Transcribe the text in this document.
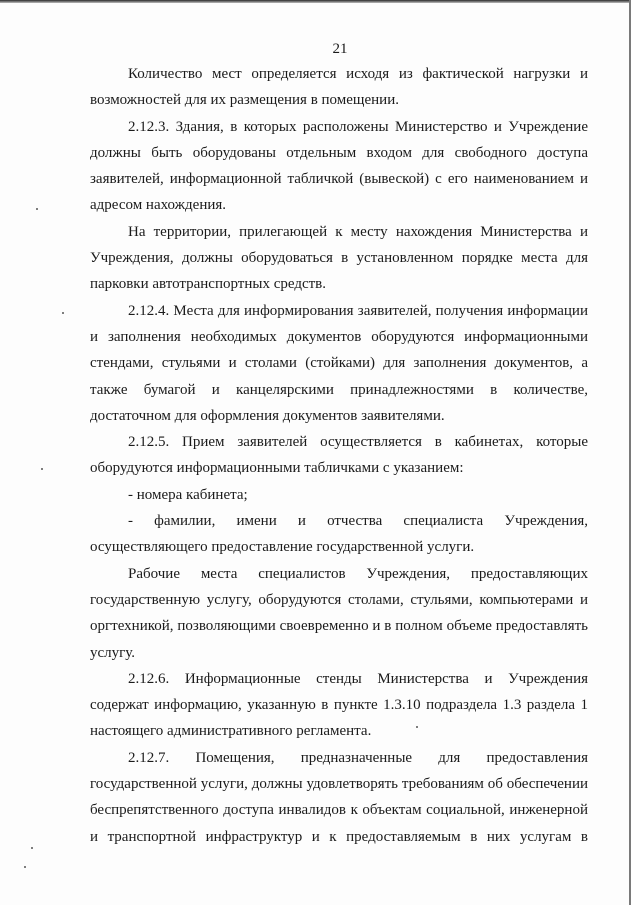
21

Количество мест определяется исходя из фактической нагрузки и возможностей для их размещения в помещении.

2.12.3. Здания, в которых расположены Министерство и Учреждение должны быть оборудованы отдельным входом для свободного доступа заявителей, информационной табличкой (вывеской) с его наименованием и адресом нахождения.

На территории, прилегающей к месту нахождения Министерства и Учреждения, должны оборудоваться в установленном порядке места для парковки автотранспортных средств.

2.12.4. Места для информирования заявителей, получения информации и заполнения необходимых документов оборудуются информационными стендами, стульями и столами (стойками) для заполнения документов, а также бумагой и канцелярскими принадлежностями в количестве, достаточном для оформления документов заявителями.

2.12.5. Прием заявителей осуществляется в кабинетах, которые оборудуются информационными табличками с указанием:

- номера кабинета;

- фамилии, имени и отчества специалиста Учреждения, осуществляющего предоставление государственной услуги.

Рабочие места специалистов Учреждения, предоставляющих государственную услугу, оборудуются столами, стульями, компьютерами и оргтехникой, позволяющими своевременно и в полном объеме предоставлять услугу.

2.12.6. Информационные стенды Министерства и Учреждения содержат информацию, указанную в пункте 1.3.10 подраздела 1.3 раздела 1 настоящего административного регламента.

2.12.7. Помещения, предназначенные для предоставления государственной услуги, должны удовлетворять требованиям об обеспечении беспрепятственного доступа инвалидов к объектам социальной, инженерной и транспортной инфраструктур и к предоставляемым в них услугам в
